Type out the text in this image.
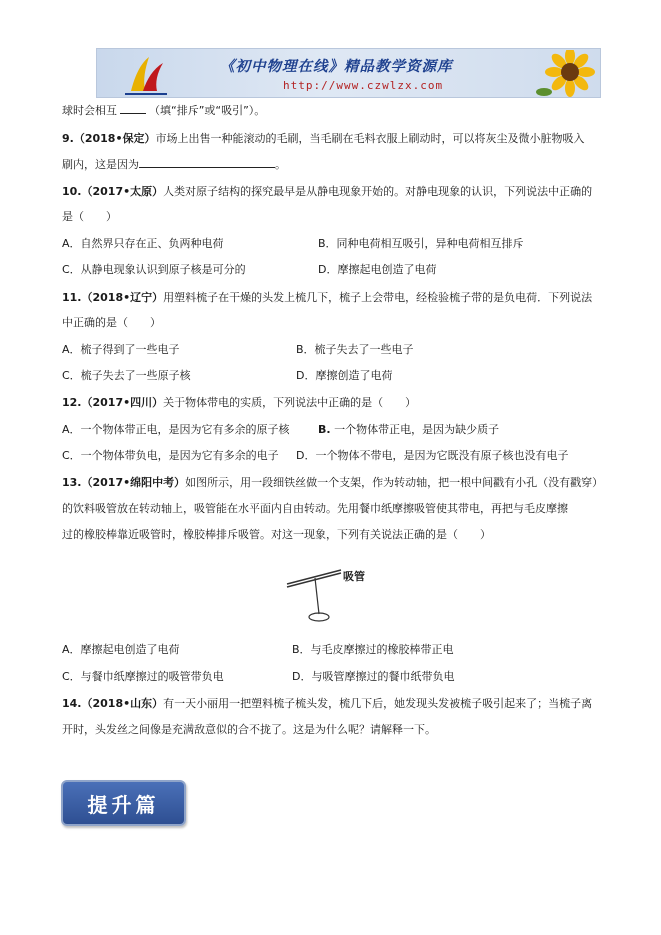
《初中物理在线》精品教学资源库
http://www.czwlzx.com
球时会相互	（填“排斥”或“吸引”）。
9.（2018•保定）市场上出售一种能滚动的毛刷，当毛刷在毛料衣服上刷动时，可以将灰尘及微小脏物吸入
刷内，这是因为	。
10.（2017•太原）人类对原子结构的探究最早是从静电现象开始的。对静电现象的认识，下列说法中正确的
是（　　）
A．自然界只存在正、负两种电荷	B．同种电荷相互吸引，异种电荷相互排斥
C．从静电现象认识到原子核是可分的	D．摩擦起电创造了电荷
11.（2018•辽宁）用塑料梳子在干燥的头发上梳几下，梳子上会带电，经检验梳子带的是负电荷．下列说法
中正确的是（　　）
A．梳子得到了一些电子	B．梳子失去了一些电子
C．梳子失去了一些原子核	D．摩擦创造了电荷
12.（2017•四川）关于物体带电的实质，下列说法中正确的是（　　）
A．一个物体带正电，是因为它有多余的原子核	B. 一个物体带正电，是因为缺少质子
C．一个物体带负电，是因为它有多余的电子 D．一个物体不带电，是因为它既没有原子核也没有电子
13.（2017•绵阳中考）如图所示，用一段细铁丝做一个支架，作为转动轴，把一根中间戳有小孔（没有戳穿）
的饮料吸管放在转动轴上，吸管能在水平面内自由转动。先用餐巾纸摩擦吸管使其带电，再把与毛皮摩擦
过的橡胶棒靠近吸管时，橡胶棒排斥吸管。对这一现象，下列有关说法正确的是（　　）
吸管
A．摩擦起电创造了电荷	B．与毛皮摩擦过的橡胶棒带正电
C．与餐巾纸摩擦过的吸管带负电	D．与吸管摩擦过的餐巾纸带负电
14.（2018•山东）有一天小丽用一把塑料梳子梳头发，梳几下后，她发现头发被梳子吸引起来了；当梳子离
开时，头发丝之间像是充满敌意似的合不拢了。这是为什么呢？请解释一下。
提升篇
